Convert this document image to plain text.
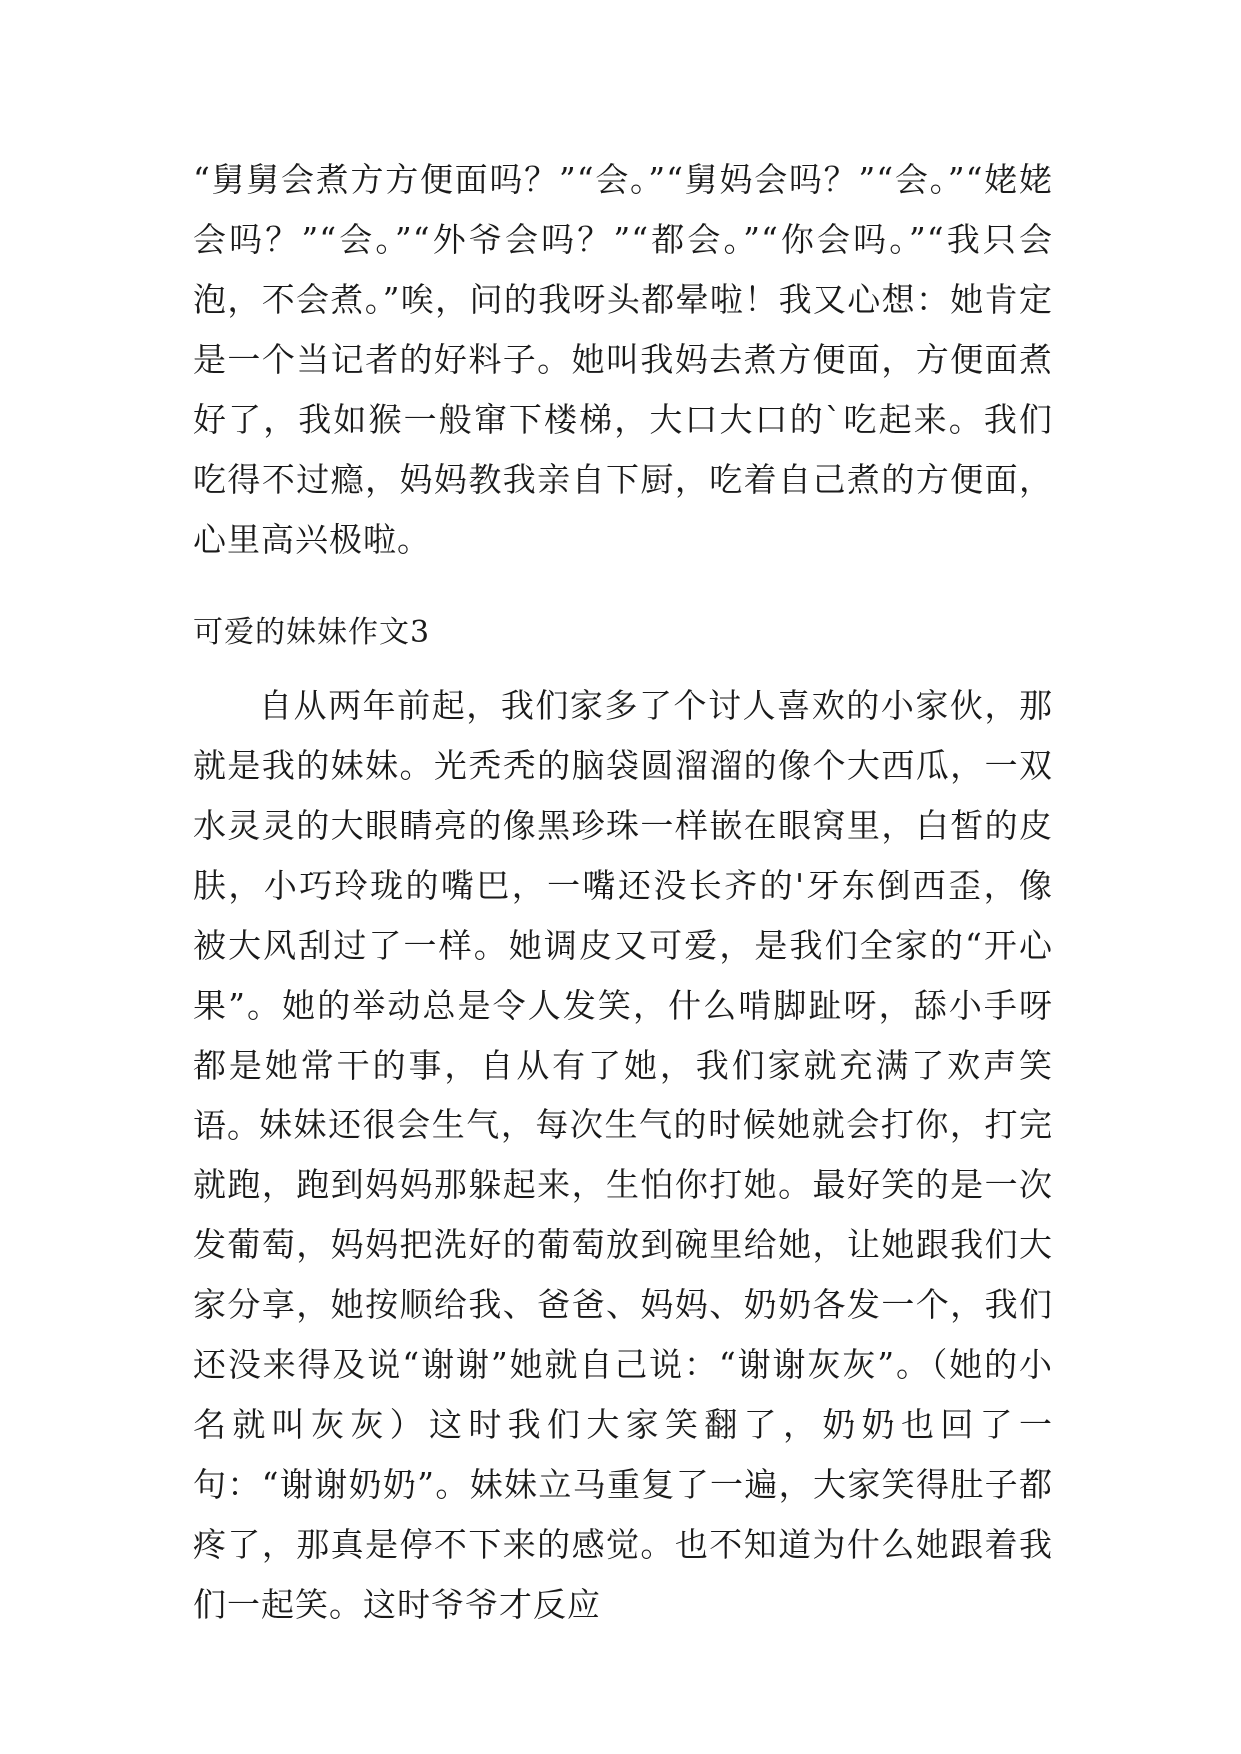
“舅舅会煮方方便面吗？”“会。”“舅妈会吗？”“会。”“姥姥会吗？”“会。”“外爷会吗？”“都会。”“你会吗。”“我只会泡，不会煮。”唉，问的我呀头都晕啦！我又心想：她肯定是一个当记者的好料子。她叫我妈去煮方便面，方便面煮好了，我如猴一般窜下楼梯，大口大口的`吃起来。我们吃得不过瘾，妈妈教我亲自下厨，吃着自己煮的方便面，心里高兴极啦。

可爱的妹妹作文3

自从两年前起，我们家多了个讨人喜欢的小家伙，那就是我的妹妹。光秃秃的脑袋圆溜溜的像个大西瓜，一双水灵灵的大眼睛亮的像黑珍珠一样嵌在眼窝里，白皙的皮肤，小巧玲珑的嘴巴，一嘴还没长齐的'牙东倒西歪，像被大风刮过了一样。她调皮又可爱，是我们全家的“开心果”。她的举动总是令人发笑，什么啃脚趾呀，舔小手呀都是她常干的事，自从有了她，我们家就充满了欢声笑语。

妹妹还很会生气，每次生气的时候她就会打你，打完就跑，跑到妈妈那躲起来，生怕你打她。最好笑的是一次发葡萄，妈妈把洗好的葡萄放到碗里给她，让她跟我们大家分享，她按顺给我、爸爸、妈妈、奶奶各发一个，我们还没来得及说“谢谢”她就自己说：“谢谢灰灰”。（她的小名就叫灰灰）这时我们大家笑翻了，奶奶也回了一句：“谢谢奶奶”。妹妹立马重复了一遍，大家笑得肚子都疼了，那真是停不下来的感觉。也不知道为什么她跟着我们一起笑。这时爷爷才反应
